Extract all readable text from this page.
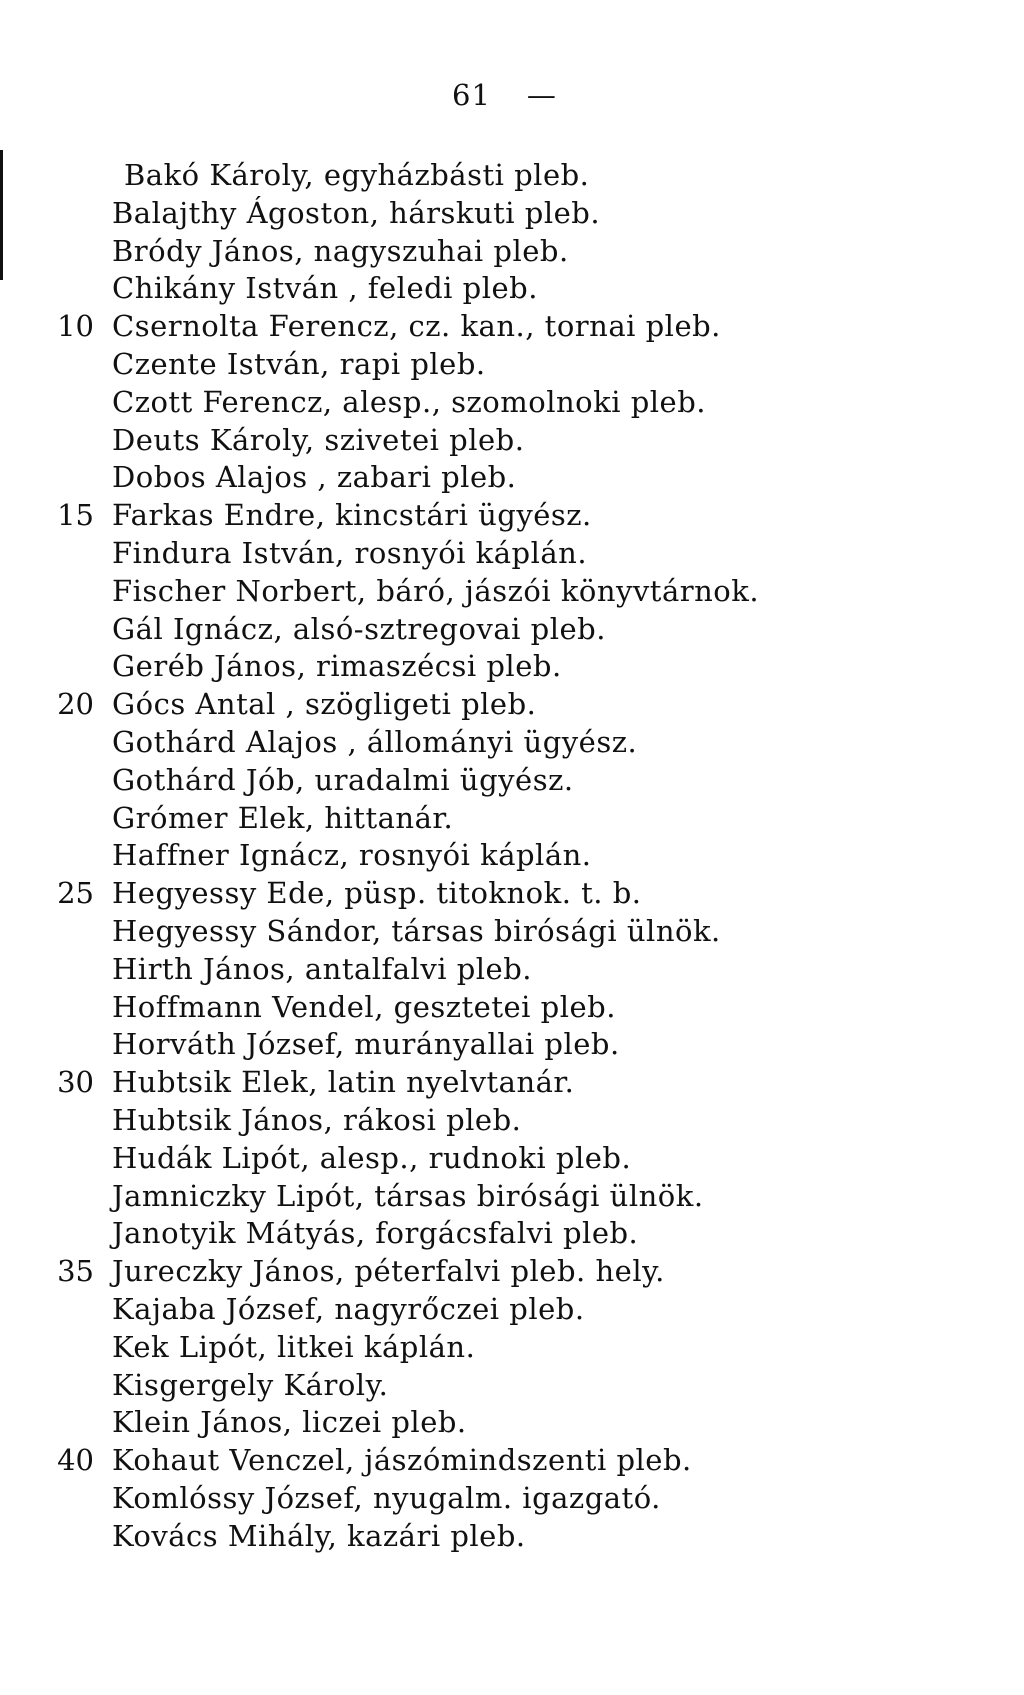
61 —
Bakó Károly, egyházbásti pleb.
Balajthy Ágoston, hárskuti pleb.
Bródy János, nagyszuhai pleb.
Chikány István , feledi pleb.
10 Csernolta Ferencz, cz. kan., tornai pleb.
Czente István, rapi pleb.
Czott Ferencz, alesp., szomolnoki pleb.
Deuts Károly, szivetei pleb.
Dobos Alajos , zabari pleb.
15 Farkas Endre, kincstári ügyész.
Findura István, rosnyói káplán.
Fischer Norbert, báró, jászói könyvtárnok.
Gál Ignácz, alsó-sztregovai pleb.
Geréb János, rimaszécsi pleb.
20 Gócs Antal , szögligeti pleb.
Gothárd Alajos , állományi ügyész.
Gothárd Jób, uradalmi ügyész.
Grómer Elek, hittanár.
Haffner Ignácz, rosnyói káplán.
25 Hegyessy Ede, püsp. titoknok. t. b.
Hegyessy Sándor, társas birósági ülnök.
Hirth János, antalfalvi pleb.
Hoffmann Vendel, gesztetei pleb.
Horváth József, murányallai pleb.
30 Hubtsik Elek, latin nyelvtanár.
Hubtsik János, rákosi pleb.
Hudák Lipót, alesp., rudnoki pleb.
Jamniczky Lipót, társas birósági ülnök.
Janotyik Mátyás, forgácsfalvi pleb.
35 Jureczky János, péterfalvi pleb. hely.
Kajaba József, nagyrőczei pleb.
Kek Lipót, litkei káplán.
Kisgergely Károly.
Klein János, liczei pleb.
40 Kohaut Venczel, jászómindszenti pleb.
Komlóssy József, nyugalm. igazgató.
Kovács Mihály, kazári pleb.
